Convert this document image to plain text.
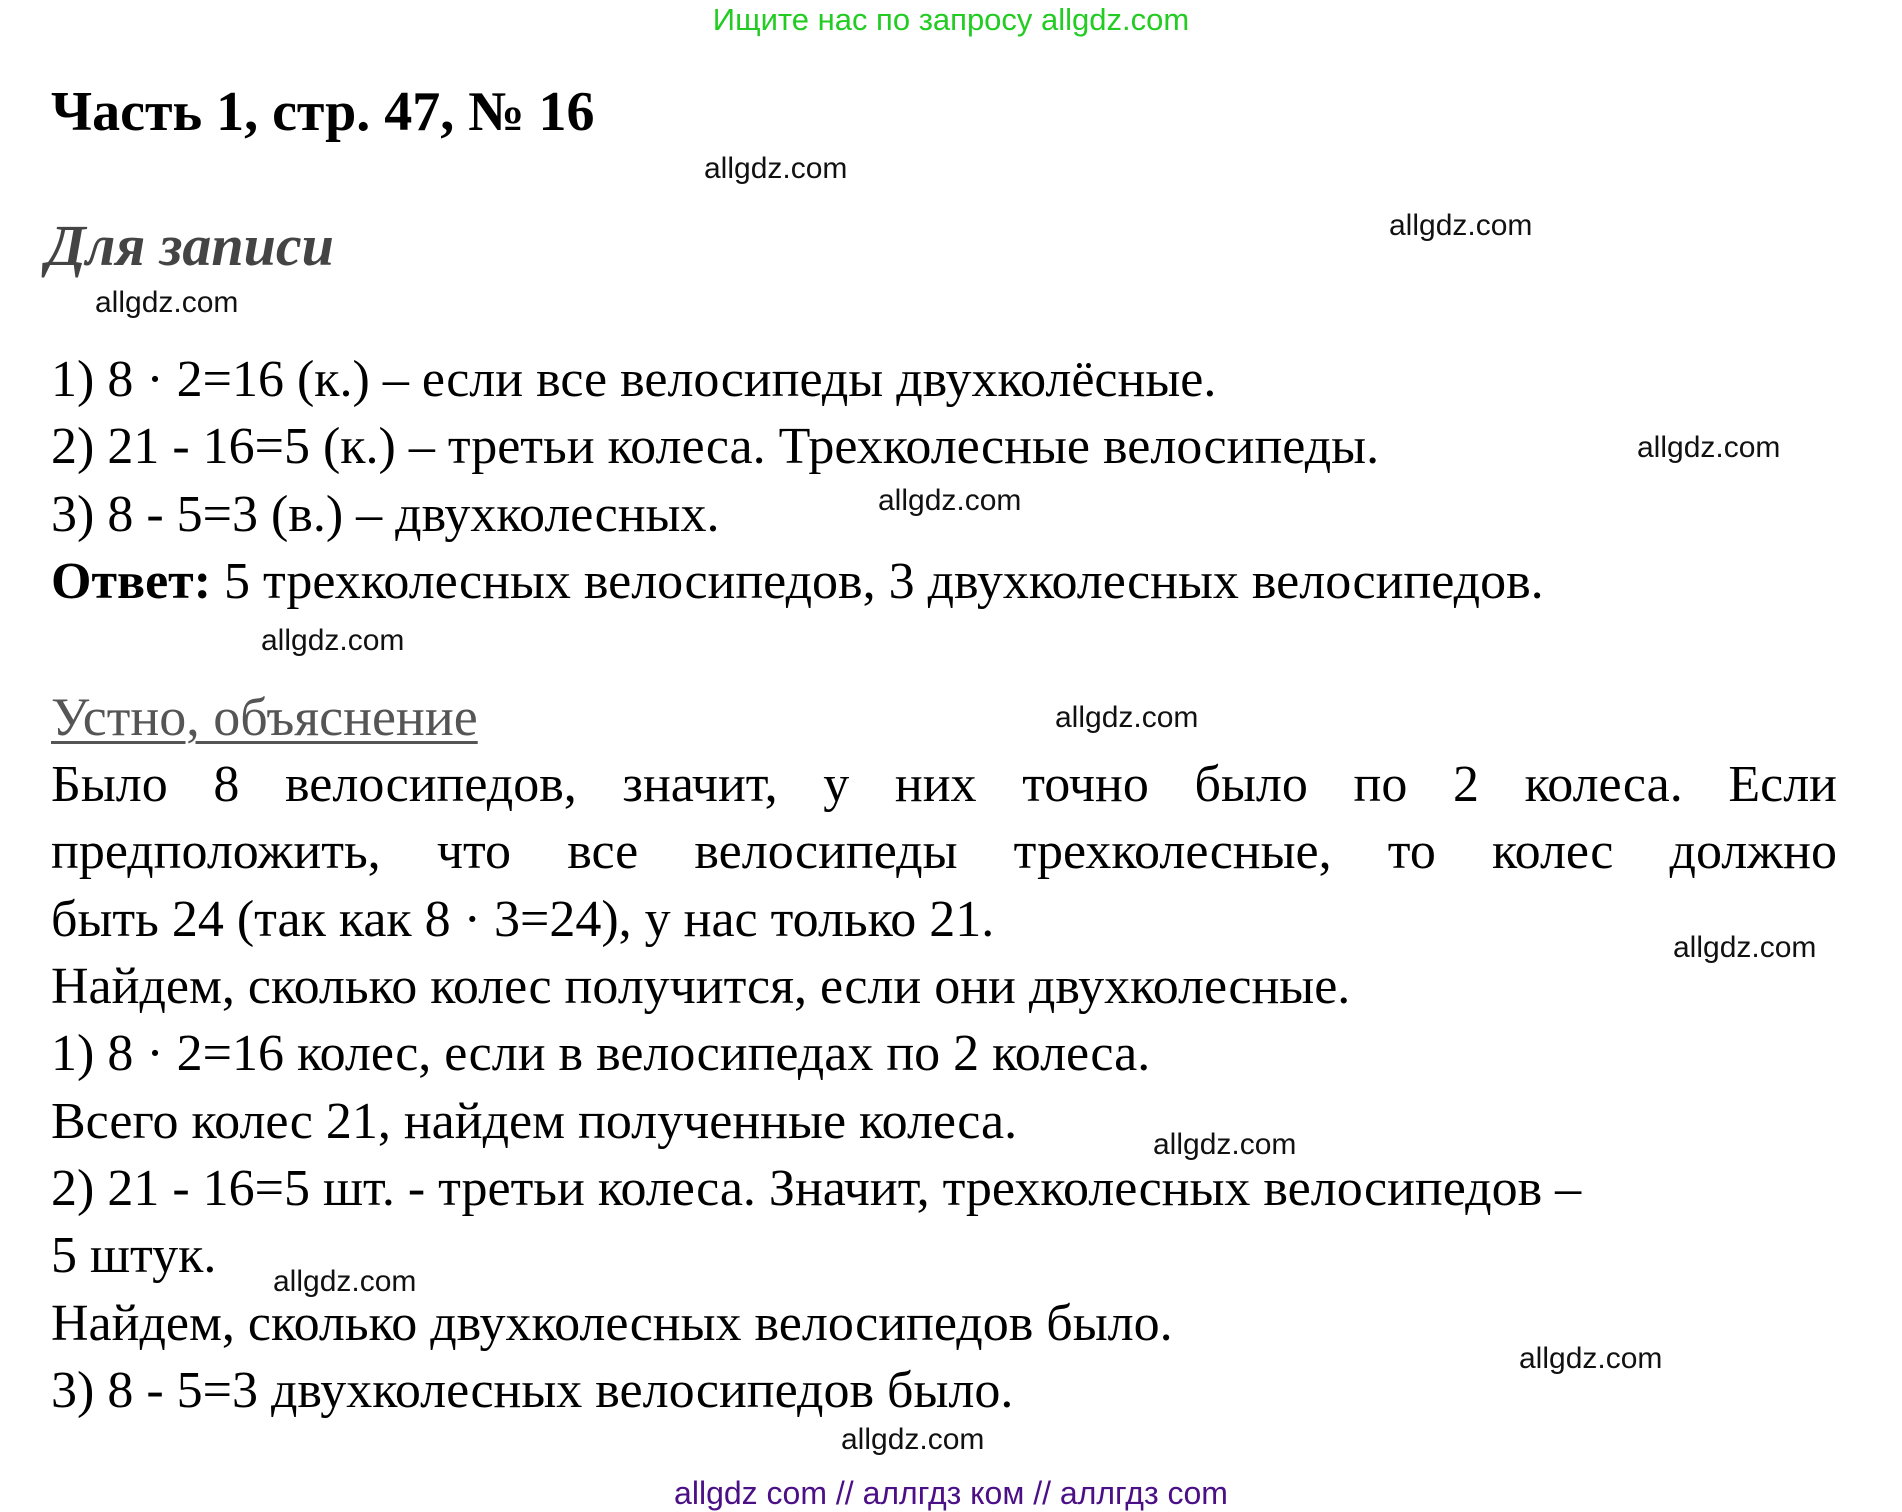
Ищите нас по запросу allgdz.com
Часть 1, стр. 47, № 16
allgdz.com
Для записи	allgdz.com
allgdz.com
1) 8 · 2=16 (к.) – если все велосипеды двухколёсные.
2) 21 - 16=5 (к.) – третьи колеса. Трехколесные велосипеды.	allgdz.com
3) 8 - 5=3 (в.) – двухколесных.	allgdz.com
Ответ: 5 трехколесных велосипедов, 3 двухколесных велосипедов.
allgdz.com
Устно, объяснение	allgdz.com
Было 8 велосипедов, значит, у них точно было по 2 колеса. Если
предположить, что все велосипеды трехколесные, то колес должно
быть 24 (так как 8 · 3=24), у нас только 21.	allgdz.com
Найдем, сколько колес получится, если они двухколесные.
1) 8 · 2=16 колес, если в велосипедах по 2 колеса.
Всего колес 21, найдем полученные колеса.	allgdz.com
2) 21 - 16=5 шт. - третьи колеса. Значит, трехколесных велосипедов –
5 штук. allgdz.com
Найдем, сколько двухколесных велосипедов было.
allgdz.com
3) 8 - 5=3 двухколесных велосипедов было.
allgdz.com
allgdz com // аллгдз ком // аллгдз com
